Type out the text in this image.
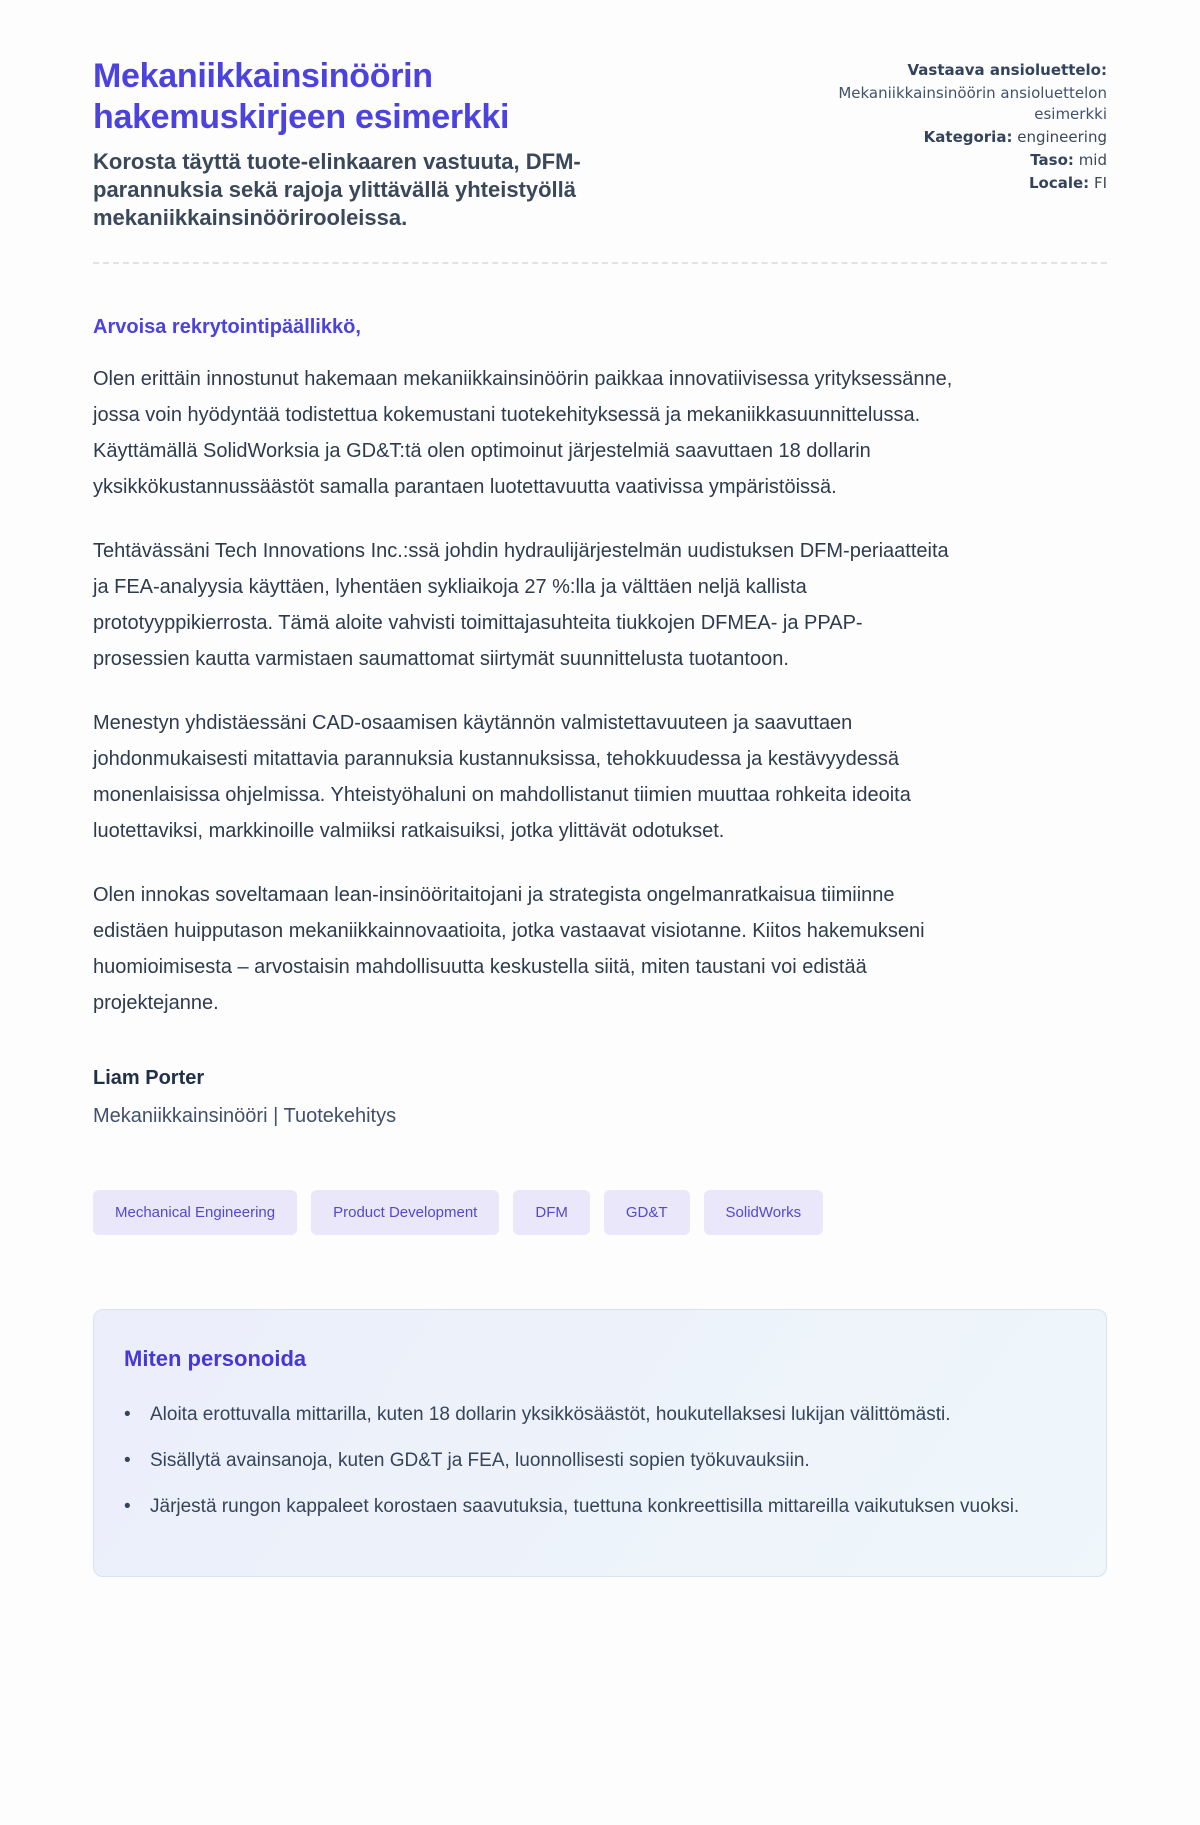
Mekaniikkainsinöörin hakemuskirjeen esimerkki
Korosta täyttä tuote-elinkaaren vastuuta, DFM-parannuksia sekä rajoja ylittävällä yhteistyöllä mekaniikkainsinöörirooleissa.
Vastaava ansioluettelo:
Mekaniikkainsinöörin ansioluettelon esimerkki
Kategoria: engineering
Taso: mid
Locale: FI
Arvoisa rekrytointipäällikkö,

Olen erittäin innostunut hakemaan mekaniikkainsinöörin paikkaa innovatiivisessa yrityksessänne, jossa voin hyödyntää todistettua kokemustani tuotekehityksessä ja mekaniikkasuunnittelussa. Käyttämällä SolidWorksia ja GD&T:tä olen optimoinut järjestelmiä saavuttaen 18 dollarin yksikkökustannussäästöt samalla parantaen luotettavuutta vaativissa ympäristöissä.

Tehtävässäni Tech Innovations Inc.:ssä johdin hydraulijärjestelmän uudistuksen DFM-periaatteita ja FEA-analyysia käyttäen, lyhentäen sykliaikoja 27 %:lla ja välttäen neljä kallista prototyyppikierrosta. Tämä aloite vahvisti toimittajasuhteita tiukkojen DFMEA- ja PPAP-prosessien kautta varmistaen saumattomat siirtymät suunnittelusta tuotantoon.

Menestyn yhdistäessäni CAD-osaamisen käytännön valmistettavuuteen ja saavuttaen johdonmukaisesti mitattavia parannuksia kustannuksissa, tehokkuudessa ja kestävyydessä monenlaisissa ohjelmissa. Yhteistyöhaluni on mahdollistanut tiimien muuttaa rohkeita ideoita luotettaviksi, markkinoille valmiiksi ratkaisuiksi, jotka ylittävät odotukset.

Olen innokas soveltamaan lean-insinööritaitojani ja strategista ongelmanratkaisua tiimiinne edistäen huipputason mekaniikkainnovaatioita, jotka vastaavat visiotanne. Kiitos hakemukseni huomioimisesta – arvostaisin mahdollisuutta keskustella siitä, miten taustani voi edistää projektejanne.

Liam Porter
Mekaniikkainsinööri | Tuotekehitys
Mechanical Engineering	Product Development	DFM	GD&T	SolidWorks
Miten personoida
•	Aloita erottuvalla mittarilla, kuten 18 dollarin yksikkösäästöt, houkutellaksesi lukijan välittömästi.
•	Sisällytä avainsanoja, kuten GD&T ja FEA, luonnollisesti sopien työkuvauksiin.
•	Järjestä rungon kappaleet korostaen saavutuksia, tuettuna konkreettisilla mittareilla vaikutuksen vuoksi.
